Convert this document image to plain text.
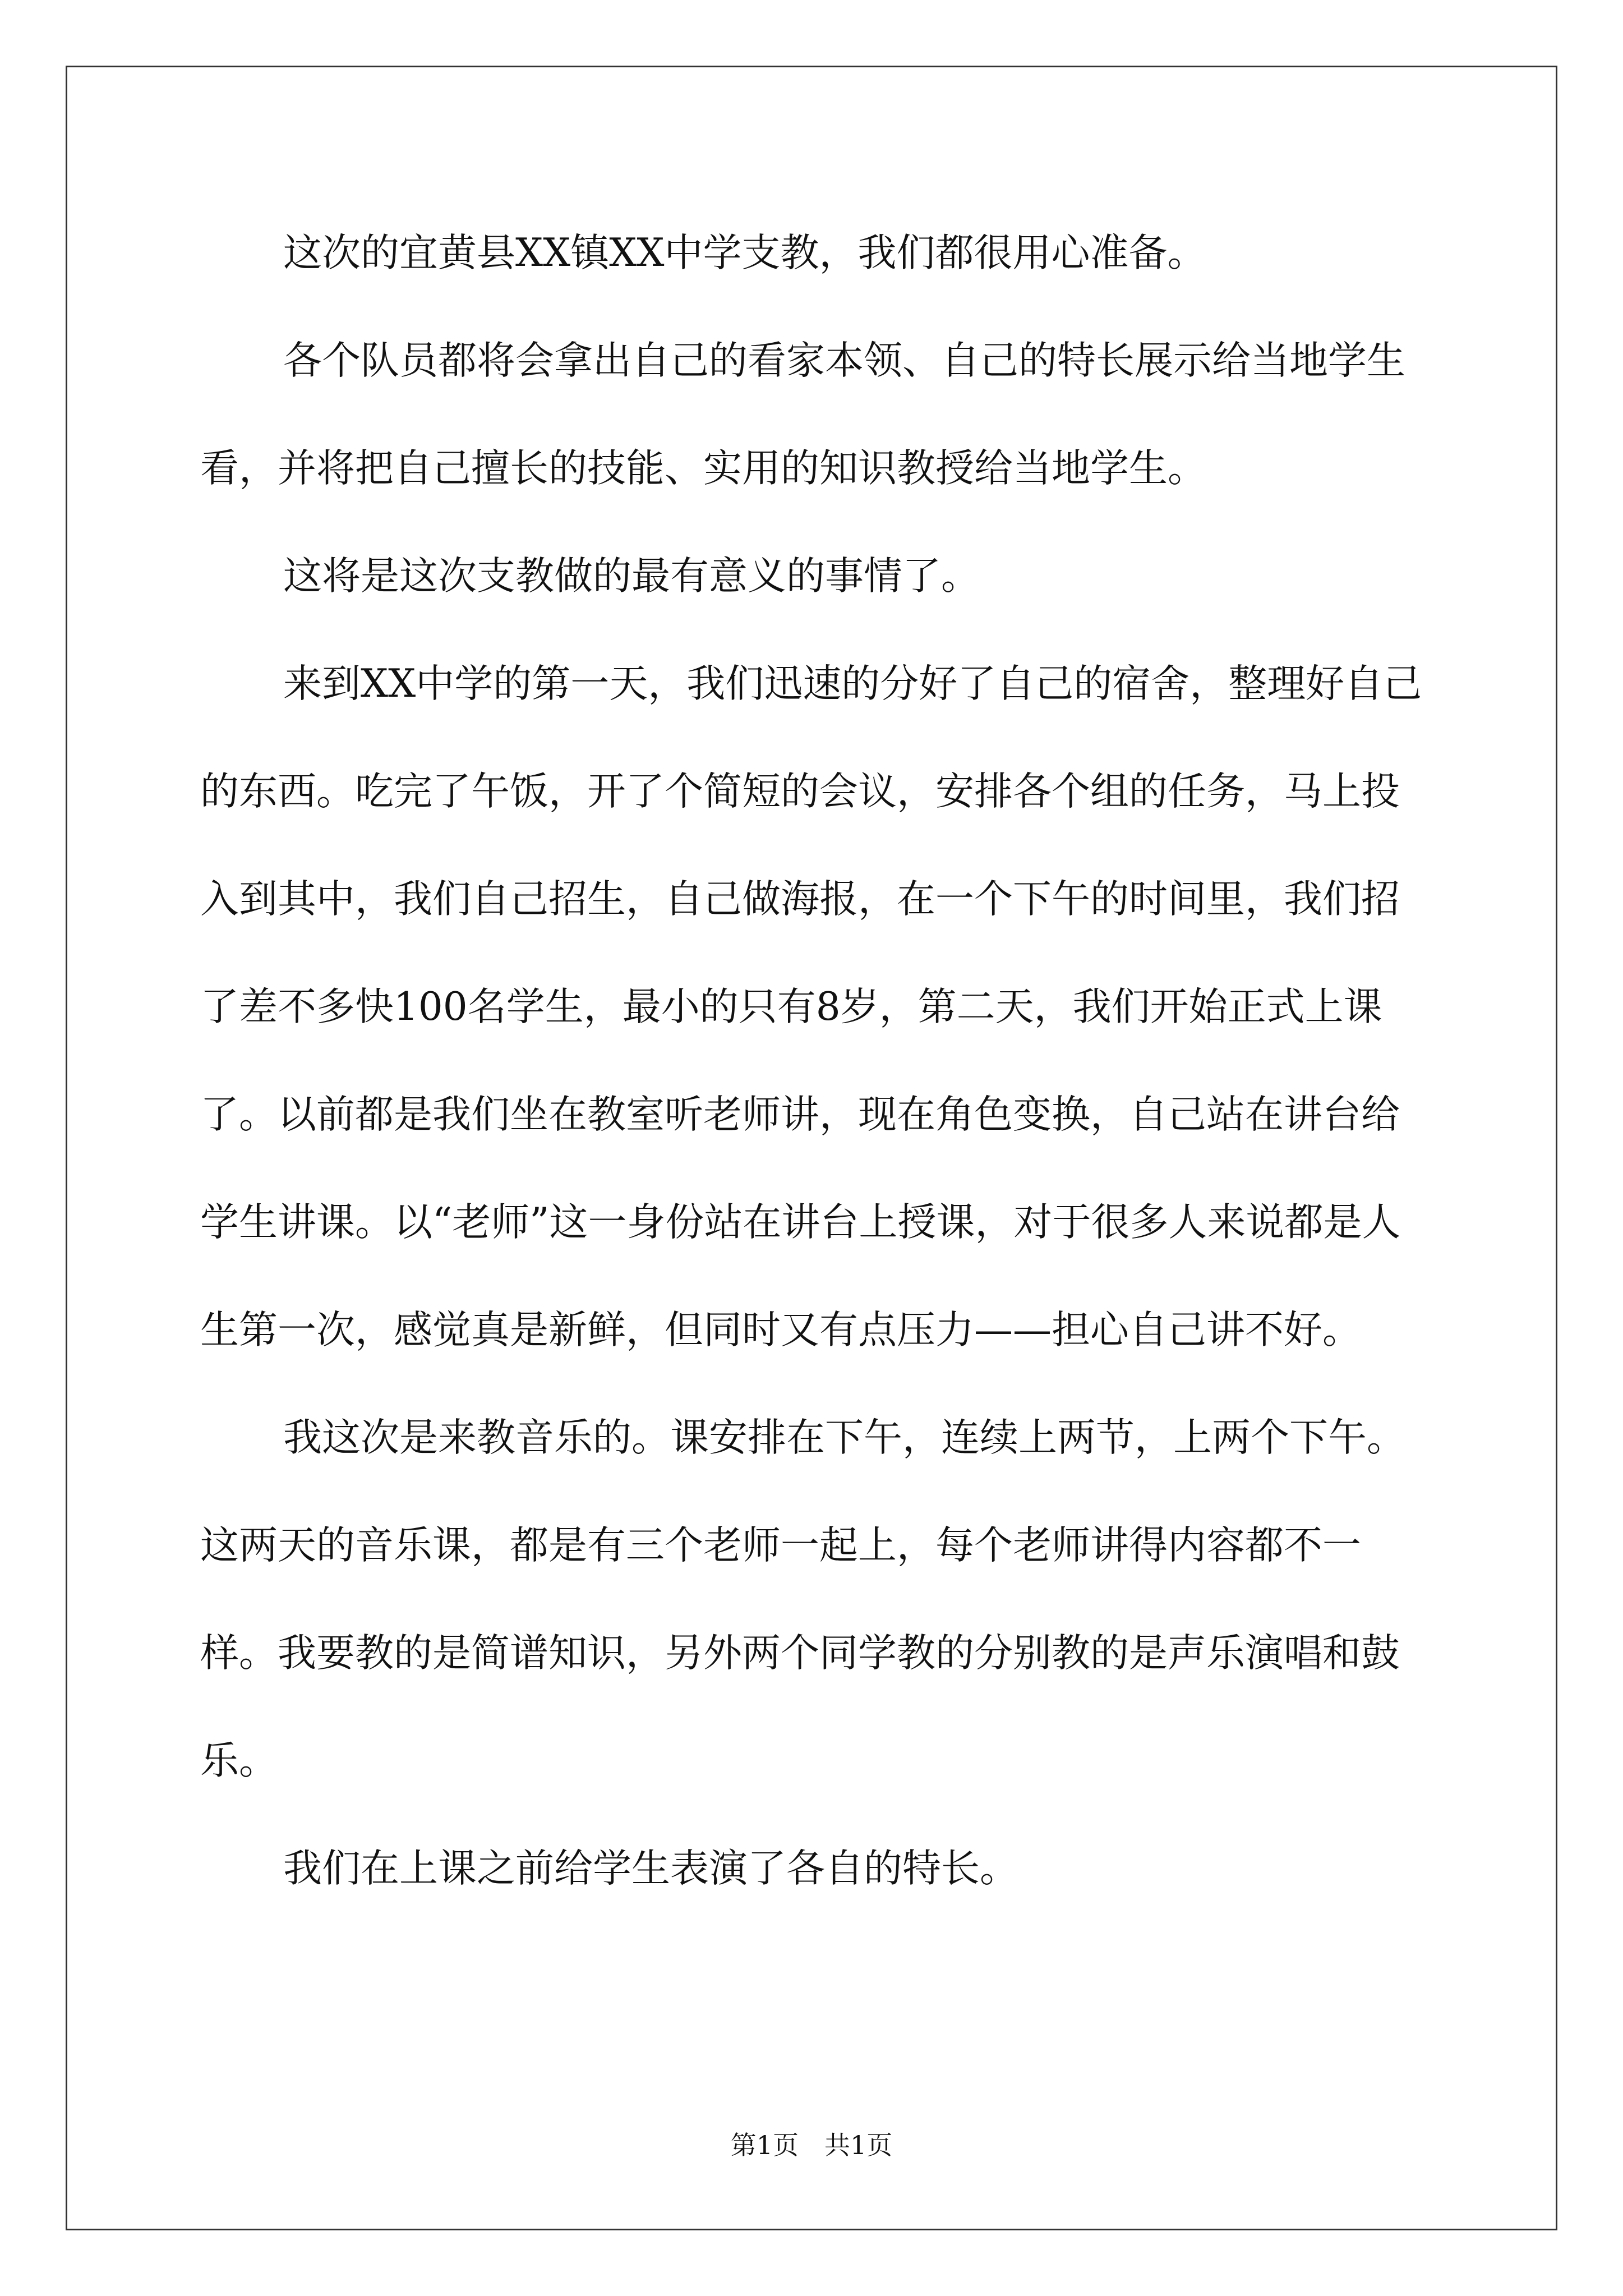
这次的宜黄县XX镇XX中学支教，我们都很用心准备。

各个队员都将会拿出自己的看家本领、自己的特长展示给当地学生看，并将把自己擅长的技能、实用的知识教授给当地学生。

这将是这次支教做的最有意义的事情了。

来到XX中学的第一天，我们迅速的分好了自己的宿舍，整理好自己的东西。吃完了午饭，开了个简短的会议，安排各个组的任务，马上投入到其中，我们自己招生，自己做海报，在一个下午的时间里，我们招了差不多快100名学生，最小的只有8岁，第二天，我们开始正式上课了。以前都是我们坐在教室听老师讲，现在角色变换，自己站在讲台给学生讲课。以“老师”这一身份站在讲台上授课，对于很多人来说都是人生第一次，感觉真是新鲜，但同时又有点压力——担心自己讲不好。

我这次是来教音乐的。课安排在下午，连续上两节，上两个下午。这两天的音乐课，都是有三个老师一起上，每个老师讲得内容都不一样。我要教的是简谱知识，另外两个同学教的分别教的是声乐演唱和鼓乐。

我们在上课之前给学生表演了各自的特长。

第1页 共1页
